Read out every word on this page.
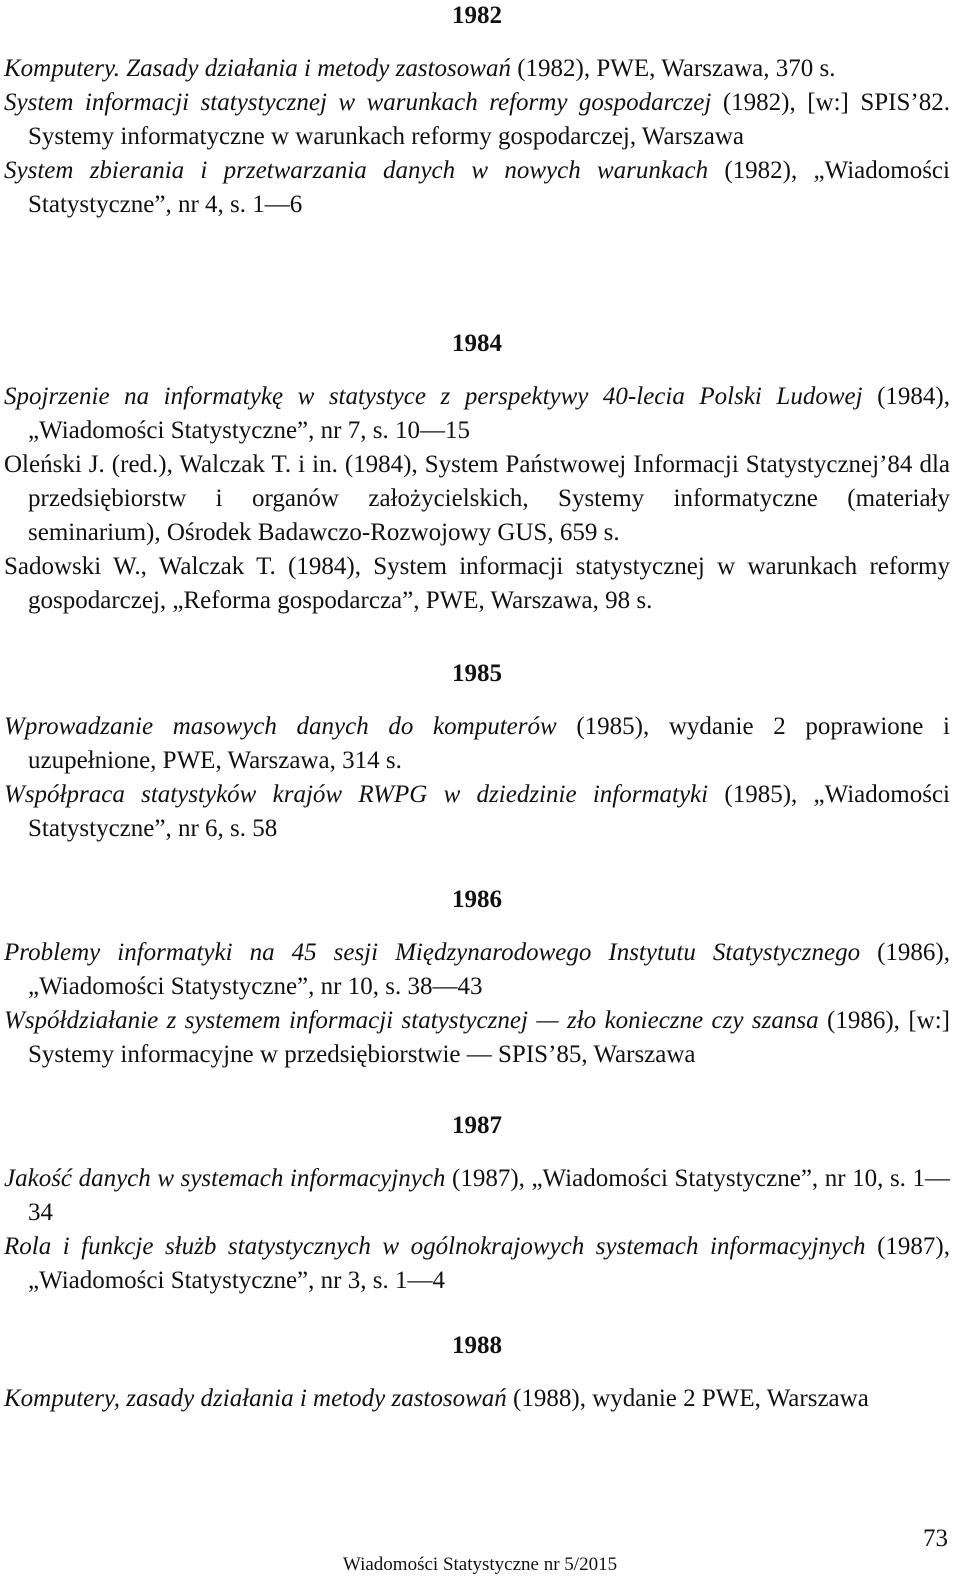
1982

Komputery. Zasady działania i metody zastosowań (1982), PWE, Warszawa, 370 s.

System informacji statystycznej w warunkach reformy gospodarczej (1982), [w:] SPIS’82. Systemy informatyczne w warunkach reformy gospodarczej, Warszawa

System zbierania i przetwarzania danych w nowych warunkach (1982), „Wiadomości Statystyczne”, nr 4, s. 1—6

1984

Spojrzenie na informatykę w statystyce z perspektywy 40-lecia Polski Ludowej (1984), „Wiadomości Statystyczne”, nr 7, s. 10—15

Oleński J. (red.), Walczak T. i in. (1984), System Państwowej Informacji Statystycznej’84 dla przedsiębiorstw i organów założycielskich, Systemy informatyczne (materiały seminarium), Ośrodek Badawczo-Rozwojowy GUS, 659 s.

Sadowski W., Walczak T. (1984), System informacji statystycznej w warunkach reformy gospodarczej, „Reforma gospodarcza”, PWE, Warszawa, 98 s.

1985

Wprowadzanie masowych danych do komputerów (1985), wydanie 2 poprawione i uzupełnione, PWE, Warszawa, 314 s.

Współpraca statystyków krajów RWPG w dziedzinie informatyki (1985), „Wiadomości Statystyczne”, nr 6, s. 58

1986

Problemy informatyki na 45 sesji Międzynarodowego Instytutu Statystycznego (1986), „Wiadomości Statystyczne”, nr 10, s. 38—43

Współdziałanie z systemem informacji statystycznej — zło konieczne czy szansa (1986), [w:] Systemy informacyjne w przedsiębiorstwie — SPIS’85, Warszawa

1987

Jakość danych w systemach informacyjnych (1987), „Wiadomości Statystyczne”, nr 10, s. 1—34

Rola i funkcje służb statystycznych w ogólnokrajowych systemach informacyjnych (1987), „Wiadomości Statystyczne”, nr 3, s. 1—4

1988

Komputery, zasady działania i metody zastosowań (1988), wydanie 2 PWE, Warszawa

73
Wiadomości Statystyczne nr 5/2015
